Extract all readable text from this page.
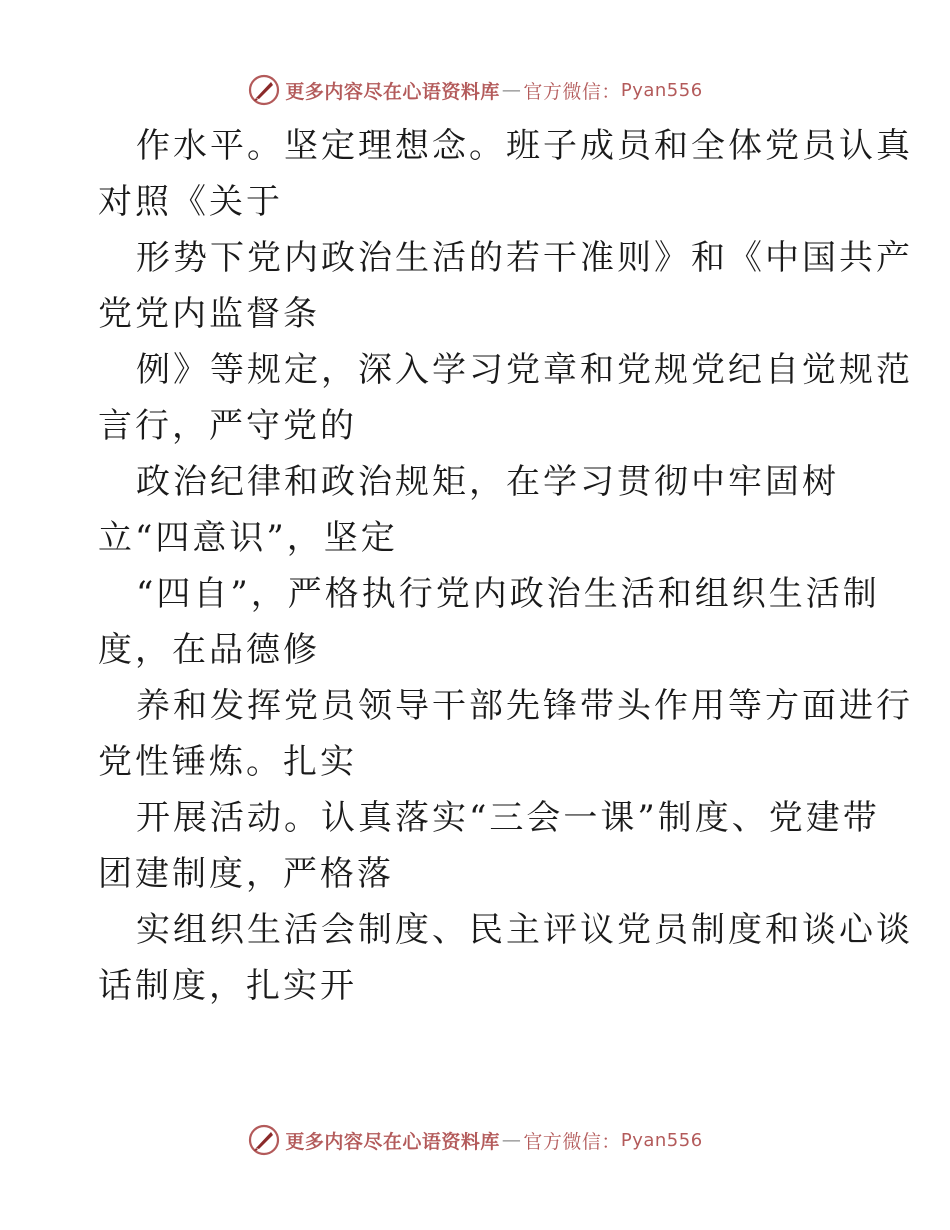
更多内容尽在心语资料库 — 官方微信： Pyan556

作水平。坚定理想念。班子成员和全体党员认真
对照《关于

形势下党内政治生活的若干准则》和《中国共产
党党内监督条

例》等规定，深入学习党章和党规党纪自觉规范
言行，严守党的

政治纪律和政治规矩，在学习贯彻中牢固树
立“四意识”，坚定

“四自”，严格执行党内政治生活和组织生活制
度，在品德修

养和发挥党员领导干部先锋带头作用等方面进行
党性锤炼。扎实

开展活动。认真落实“三会一课”制度、党建带
团建制度，严格落

实组织生活会制度、民主评议党员制度和谈心谈
话制度，扎实开

更多内容尽在心语资料库 — 官方微信： Pyan556
